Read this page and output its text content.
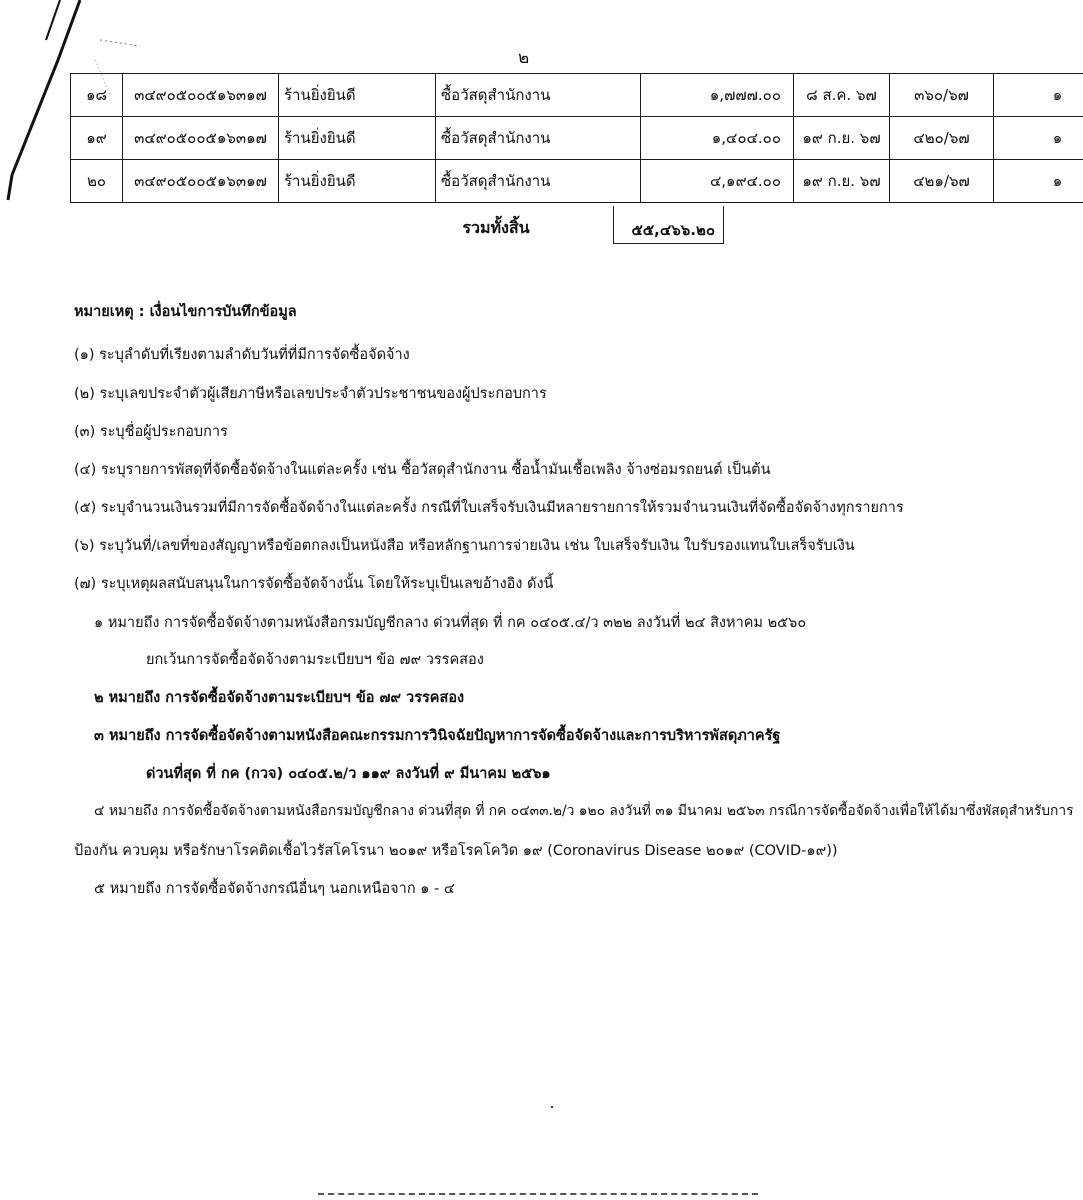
๒
๑๘	๓๔๙๐๕๐๐๕๑๖๓๑๗	ร้านยิ่งยินดี	ซื้อวัสดุสำนักงาน	๑,๗๗๗.๐๐	๘ ส.ค. ๖๗	๓๖๐/๖๗	๑
๑๙	๓๔๙๐๕๐๐๕๑๖๓๑๗	ร้านยิ่งยินดี	ซื้อวัสดุสำนักงาน	๑,๔๐๔.๐๐	๑๙ ก.ย. ๖๗	๔๒๐/๖๗	๑
๒๐	๓๔๙๐๕๐๐๕๑๖๓๑๗	ร้านยิ่งยินดี	ซื้อวัสดุสำนักงาน	๔,๑๙๔.๐๐	๑๙ ก.ย. ๖๗	๔๒๑/๖๗	๑
รวมทั้งสิ้น	๕๕,๔๖๖.๒๐
หมายเหตุ : เงื่อนไขการบันทึกข้อมูล
(๑) ระบุลำดับที่เรียงตามลำดับวันที่ที่มีการจัดซื้อจัดจ้าง
(๒) ระบุเลขประจำตัวผู้เสียภาษีหรือเลขประจำตัวประชาชนของผู้ประกอบการ
(๓) ระบุชื่อผู้ประกอบการ
(๔) ระบุรายการพัสดุที่จัดซื้อจัดจ้างในแต่ละครั้ง เช่น ซื้อวัสดุสำนักงาน ซื้อน้ำมันเชื้อเพลิง จ้างซ่อมรถยนต์ เป็นต้น
(๕) ระบุจำนวนเงินรวมที่มีการจัดซื้อจัดจ้างในแต่ละครั้ง กรณีที่ใบเสร็จรับเงินมีหลายรายการให้รวมจำนวนเงินที่จัดซื้อจัดจ้างทุกรายการ
(๖) ระบุวันที่/เลขที่ของสัญญาหรือข้อตกลงเป็นหนังสือ หรือหลักฐานการจ่ายเงิน เช่น ใบเสร็จรับเงิน ใบรับรองแทนใบเสร็จรับเงิน
(๗) ระบุเหตุผลสนับสนุนในการจัดซื้อจัดจ้างนั้น โดยให้ระบุเป็นเลขอ้างอิง ดังนี้
๑ หมายถึง การจัดซื้อจัดจ้างตามหนังสือกรมบัญชีกลาง ด่วนที่สุด ที่ กค ๐๔๐๕.๔/ว ๓๒๒ ลงวันที่ ๒๔ สิงหาคม ๒๕๖๐
ยกเว้นการจัดซื้อจัดจ้างตามระเบียบฯ ข้อ ๗๙ วรรคสอง
๒ หมายถึง การจัดซื้อจัดจ้างตามระเบียบฯ ข้อ ๗๙ วรรคสอง
๓ หมายถึง การจัดซื้อจัดจ้างตามหนังสือคณะกรรมการวินิจฉัยปัญหาการจัดซื้อจัดจ้างและการบริหารพัสดุภาครัฐ
ด่วนที่สุด ที่ กค (กวจ) ๐๔๐๕.๒/ว ๑๑๙ ลงวันที่ ๙ มีนาคม ๒๕๖๑
๔ หมายถึง การจัดซื้อจัดจ้างตามหนังสือกรมบัญชีกลาง ด่วนที่สุด ที่ กค ๐๔๓๓.๒/ว ๑๒๐ ลงวันที่ ๓๑ มีนาคม ๒๕๖๓ กรณีการจัดซื้อจัดจ้างเพื่อให้ได้มาซึ่งพัสดุสำหรับการ
ป้องกัน ควบคุม หรือรักษาโรคติดเชื้อไวรัสโคโรนา ๒๐๑๙ หรือโรคโควิด ๑๙ (Coronavirus Disease ๒๐๑๙ (COVID-๑๙))
๕ หมายถึง การจัดซื้อจัดจ้างกรณีอื่นๆ นอกเหนือจาก ๑ - ๔
